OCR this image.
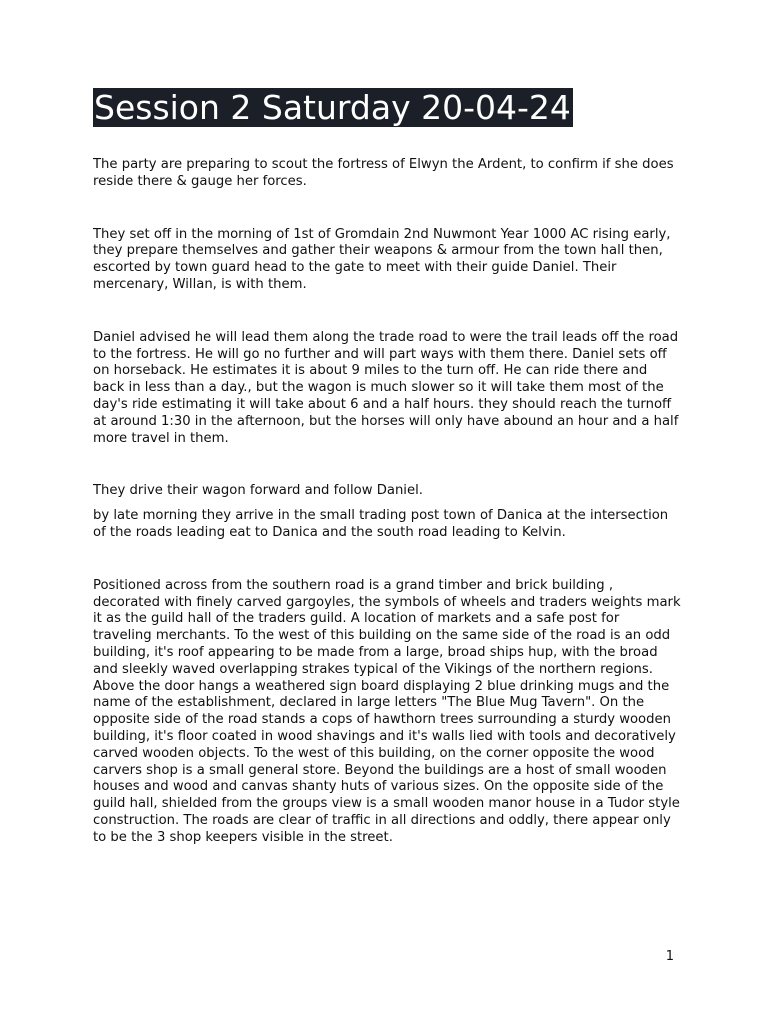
Session 2 Saturday 20-04-24

The party are preparing to scout the fortress of Elwyn the Ardent, to confirm if she does reside there & gauge her forces.

They set off in the morning of 1st of Gromdain 2nd Nuwmont Year 1000 AC rising early, they prepare themselves and gather their weapons & armour from the town hall then, escorted by town guard head to the gate to meet with their guide Daniel. Their mercenary, Willan, is with them.

Daniel advised he will lead them along the trade road to were the trail leads off the road to the fortress. He will go no further and will part ways with them there. Daniel sets off on horseback. He estimates it is about 9 miles to the turn off. He can ride there and back in less than a day., but the wagon is much slower so it will take them most of the day's ride estimating it will take about 6 and a half hours. they should reach the turnoff at around 1:30 in the afternoon, but the horses will only have abound an hour and a half more travel in them.

They drive their wagon forward and follow Daniel.

by late morning they arrive in the small trading post town of Danica at the intersection of the roads leading eat to Danica and the south road leading to Kelvin.

Positioned across from the southern road is a grand timber and brick building , decorated with finely carved gargoyles, the symbols of wheels and traders weights mark it as the guild hall of the traders guild. A location of markets and a safe post for traveling merchants. To the west of this building on the same side of the road is an odd building, it's roof appearing to be made from a large, broad ships hup, with the broad and sleekly waved overlapping strakes typical of the Vikings of the northern regions. Above the door hangs a weathered sign board displaying 2 blue drinking mugs and the name of the establishment, declared in large letters "The Blue Mug Tavern". On the opposite side of the road stands a cops of hawthorn trees surrounding a sturdy wooden building, it's floor coated in wood shavings and it's walls lied with tools and decoratively carved wooden objects. To the west of this building, on the corner opposite the wood carvers shop is a small general store. Beyond the buildings are a host of small wooden houses and wood and canvas shanty huts of various sizes. On the opposite side of the guild hall, shielded from the groups view is a small wooden manor house in a Tudor style construction. The roads are clear of traffic in all directions and oddly, there appear only to be the 3 shop keepers visible in the street.

1
